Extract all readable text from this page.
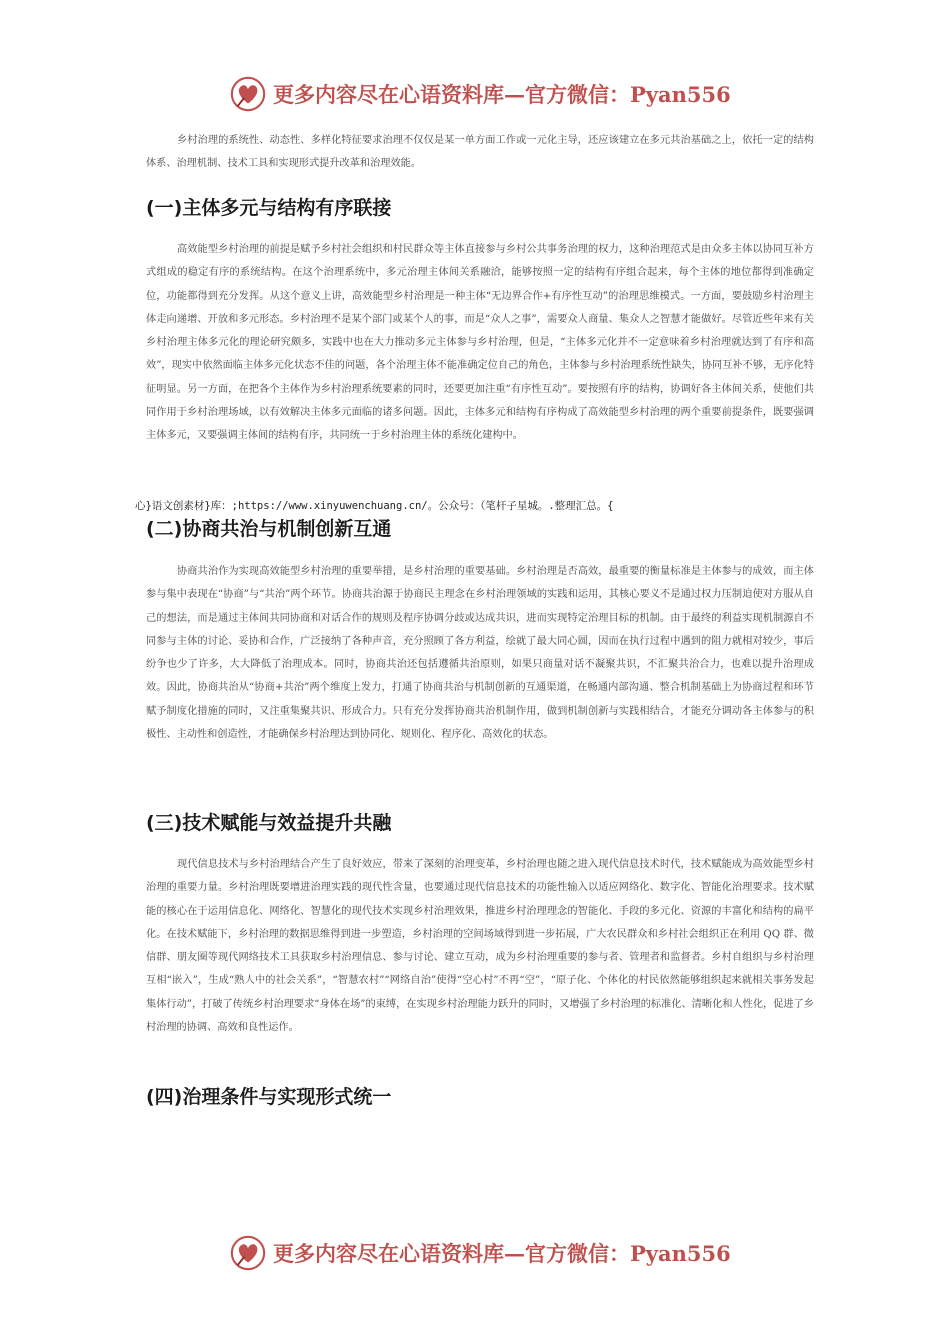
更多内容尽在心语资料库—官方微信：Pyan556

乡村治理的系统性、动态性、多样化特征要求治理不仅仅是某一单方面工作或一元化主导，还应该建立在多元共治基础之上，依托一定的结构体系、治理机制、技术工具和实现形式提升改革和治理效能。

(一)主体多元与结构有序联接

高效能型乡村治理的前提是赋予乡村社会组织和村民群众等主体直接参与乡村公共事务治理的权力，这种治理范式是由众多主体以协同互补方式组成的稳定有序的系统结构。在这个治理系统中，多元治理主体间关系融洽，能够按照一定的结构有序组合起来，每个主体的地位都得到准确定位，功能都得到充分发挥。从这个意义上讲，高效能型乡村治理是一种主体“无边界合作+有序性互动”的治理思维模式。一方面，要鼓励乡村治理主体走向递增、开放和多元形态。乡村治理不是某个部门或某个人的事，而是“众人之事”，需要众人商量、集众人之智慧才能做好。尽管近些年来有关乡村治理主体多元化的理论研究颇多，实践中也在大力推动多元主体参与乡村治理，但是，“主体多元化并不一定意味着乡村治理就达到了有序和高效”，现实中依然面临主体多元化状态不佳的问题，各个治理主体不能准确定位自己的角色，主体参与乡村治理系统性缺失，协同互补不够，无序化特征明显。另一方面，在把各个主体作为乡村治理系统要素的同时，还要更加注重“有序性互动”。要按照有序的结构，协调好各主体间关系，使他们共同作用于乡村治理场域，以有效解决主体多元面临的诸多问题。因此，主体多元和结构有序构成了高效能型乡村治理的两个重要前提条件，既要强调主体多元，又要强调主体间的结构有序，共同统一于乡村治理主体的系统化建构中。

心}语文创素材}库：;https://www.xinyuwenchuang.cn/。公众号：（笔杆子星城。.整理汇总。{
(二)协商共治与机制创新互通

协商共治作为实现高效能型乡村治理的重要举措，是乡村治理的重要基础。乡村治理是否高效，最重要的衡量标准是主体参与的成效，而主体参与集中表现在“协商”与“共治”两个环节。协商共治源于协商民主理念在乡村治理领域的实践和运用，其核心要义不是通过权力压制迫使对方服从自己的想法，而是通过主体间共同协商和对话合作的规则及程序协调分歧或达成共识，进而实现特定治理目标的机制。由于最终的利益实现机制源自不同参与主体的讨论、妥协和合作，广泛接纳了各种声音，充分照顾了各方利益，绘就了最大同心圆，因而在执行过程中遇到的阻力就相对较少，事后纷争也少了许多，大大降低了治理成本。同时，协商共治还包括遵循共治原则，如果只商量对话不凝聚共识，不汇聚共治合力，也难以提升治理成效。因此，协商共治从“协商+共治”两个维度上发力，打通了协商共治与机制创新的互通渠道，在畅通内部沟通、整合机制基础上为协商过程和环节赋予制度化措施的同时，又注重集聚共识、形成合力。只有充分发挥协商共治机制作用，做到机制创新与实践相结合，才能充分调动各主体参与的积极性、主动性和创造性，才能确保乡村治理达到协同化、规则化、程序化、高效化的状态。

(三)技术赋能与效益提升共融

现代信息技术与乡村治理结合产生了良好效应，带来了深刻的治理变革，乡村治理也随之进入现代信息技术时代，技术赋能成为高效能型乡村治理的重要力量。乡村治理既要增进治理实践的现代性含量，也要通过现代信息技术的功能性输入以适应网络化、数字化、智能化治理要求。技术赋能的核心在于运用信息化、网络化、智慧化的现代技术实现乡村治理效果，推进乡村治理理念的智能化、手段的多元化、资源的丰富化和结构的扁平化。在技术赋能下，乡村治理的数据思维得到进一步塑造，乡村治理的空间场域得到进一步拓展，广大农民群众和乡村社会组织正在利用 QQ 群、微信群、朋友圈等现代网络技术工具获取乡村治理信息、参与讨论、建立互动，成为乡村治理重要的参与者、管理者和监督者。乡村自组织与乡村治理互相“嵌入”，生成“熟人中的社会关系”，“智慧农村”“网络自治”使得“空心村”不再“空”，“原子化、个体化的村民依然能够组织起来就相关事务发起集体行动”，打破了传统乡村治理要求“身体在场”的束缚，在实现乡村治理能力跃升的同时，又增强了乡村治理的标准化、清晰化和人性化，促进了乡村治理的协调、高效和良性运作。

(四)治理条件与实现形式统一
更多内容尽在心语资料库—官方微信：Pyan556
